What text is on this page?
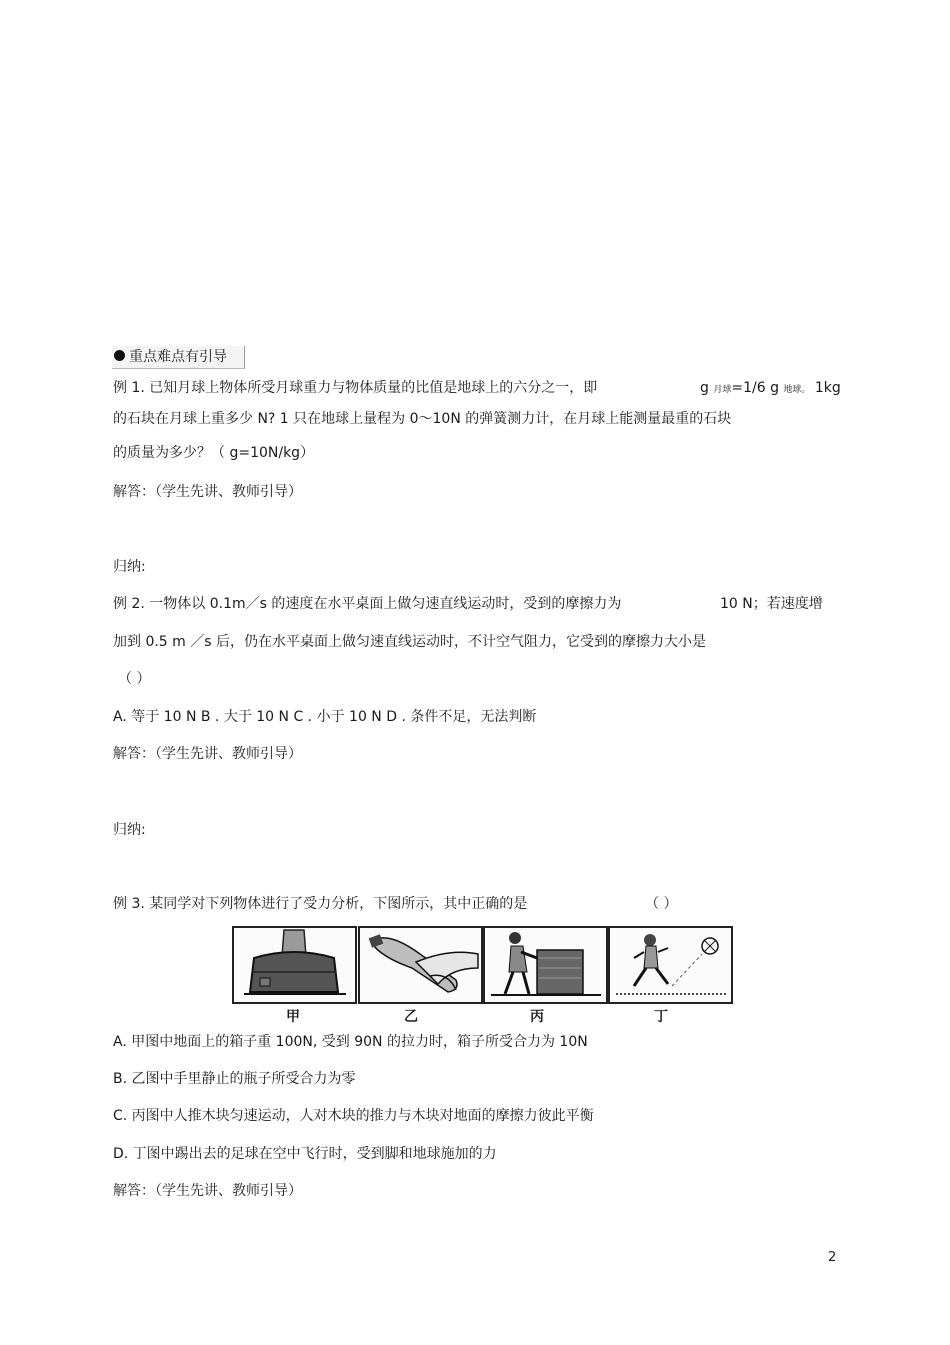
重点难点有引导
例 1. 已知月球上物体所受月球重力与物体质量的比值是地球上的六分之一，即	g 月球=1/6 g 地球。 1kg
的石块在月球上重多少 N? 1 只在地球上量程为 0～10N 的弹簧测力计，在月球上能测量最重的石块
的质量为多少？（ g=10N/kg）
解答：（学生先讲、教师引导）
归纳:
例 2. 一物体以 0.1m／s 的速度在水平桌面上做匀速直线运动时，受到的摩擦力为	10 N；若速度增
加到 0.5 m ／s 后，仍在水平桌面上做匀速直线运动时，不计空气阻力，它受到的摩擦力大小是
（ ）
A. 等于 10 N B . 大于 10 N C . 小于 10 N D . 条件不足，无法判断
解答：（学生先讲、教师引导）
归纳:
例 3. 某同学对下列物体进行了受力分析，下图所示，其中正确的是	（ ）
甲	乙	丙	丁
A. 甲图中地面上的箱子重 100N, 受到 90N 的拉力时，箱子所受合力为 10N
B. 乙图中手里静止的瓶子所受合力为零
C. 丙图中人推木块匀速运动，人对木块的推力与木块对地面的摩擦力彼此平衡
D. 丁图中踢出去的足球在空中飞行时，受到脚和地球施加的力
解答：（学生先讲、教师引导）
2
